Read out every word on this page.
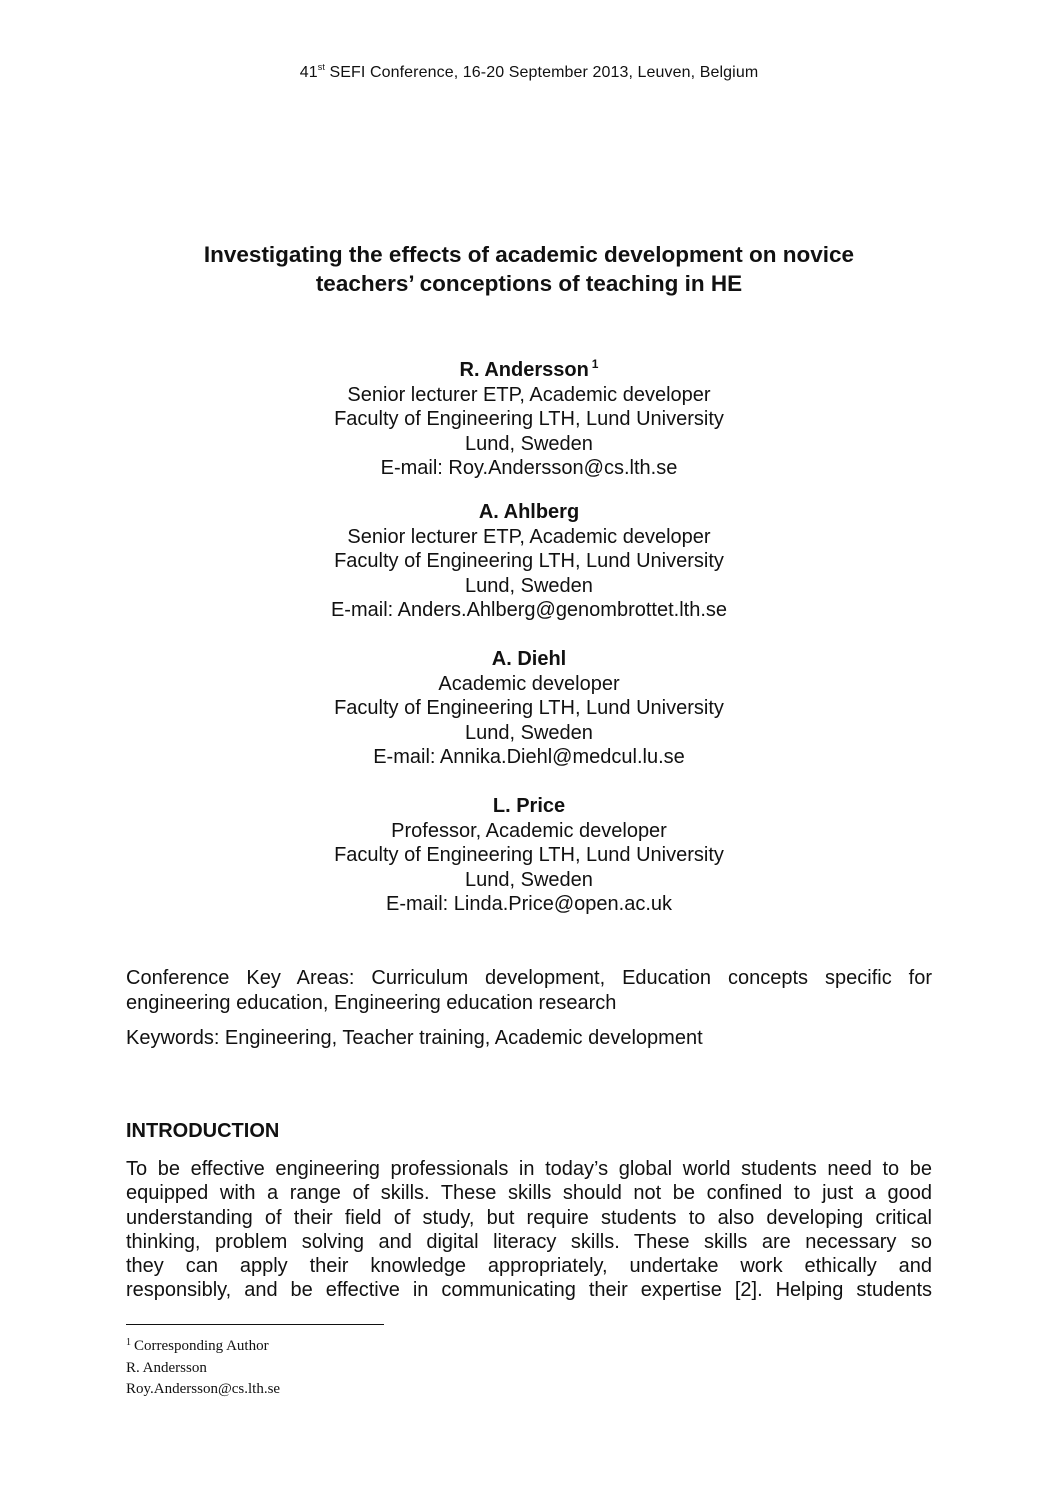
41st SEFI Conference, 16-20 September 2013, Leuven, Belgium
Investigating the effects of academic development on novice
teachers’ conceptions of teaching in HE
R. Andersson $^1$
Senior lecturer ETP, Academic developer
Faculty of Engineering LTH, Lund University
Lund, Sweden
E-mail: Roy.Andersson@cs.lth.se
A. Ahlberg
Senior lecturer ETP, Academic developer
Faculty of Engineering LTH, Lund University
Lund, Sweden
E-mail: Anders.Ahlberg@genombrottet.lth.se
A. Diehl
Academic developer
Faculty of Engineering LTH, Lund University
Lund, Sweden
E-mail: Annika.Diehl@medcul.lu.se
L. Price
Professor, Academic developer
Faculty of Engineering LTH, Lund University
Lund, Sweden
E-mail: Linda.Price@open.ac.uk
Conference Key Areas: Curriculum development, Education concepts specific for engineering education, Engineering education research
Keywords: Engineering, Teacher training, Academic development
INTRODUCTION
To be effective engineering professionals in today’s global world students need to be
equipped with a range of skills. These skills should not be confined to just a good
understanding of their field of study, but require students to also developing critical
thinking, problem solving and digital literacy skills. These skills are necessary so
they can apply their knowledge appropriately, undertake work ethically and
responsibly, and be effective in communicating their expertise [2]. Helping students
$^1$ Corresponding Author
R. Andersson
Roy.Andersson@cs.lth.se
